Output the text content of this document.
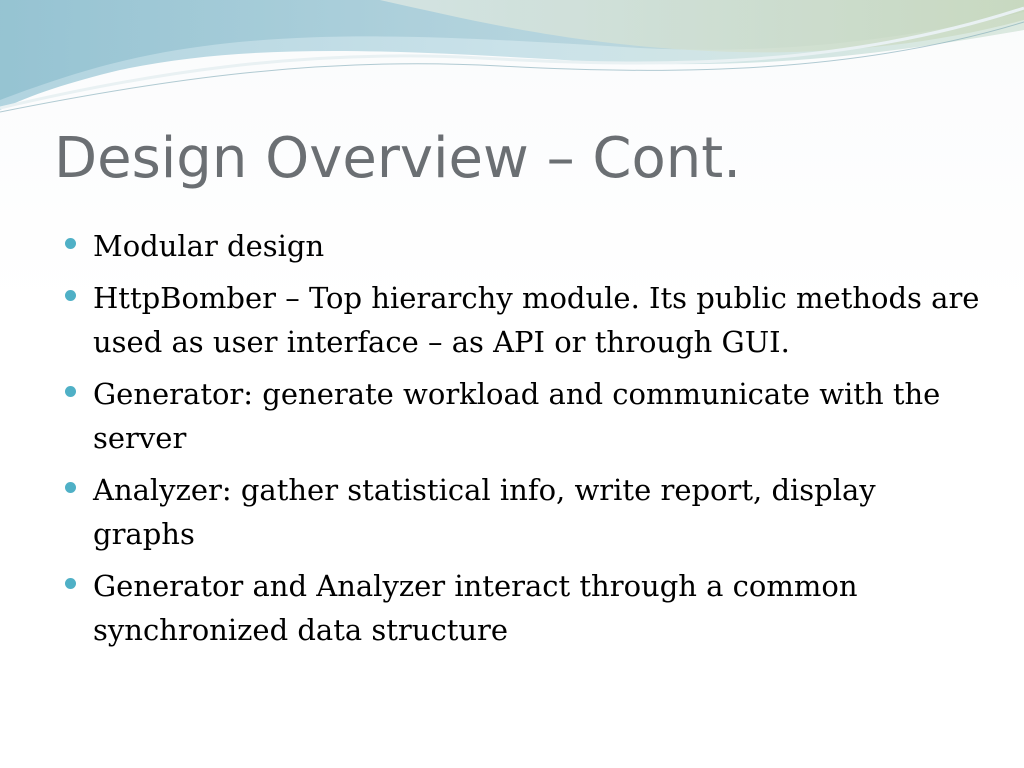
Design Overview – Cont.
Modular design
HttpBomber – Top hierarchy module. Its public methods are used as user interface – as API or through GUI.
Generator: generate workload and communicate with the server
Analyzer: gather statistical info, write report, display graphs
Generator and Analyzer interact through a common synchronized data structure
